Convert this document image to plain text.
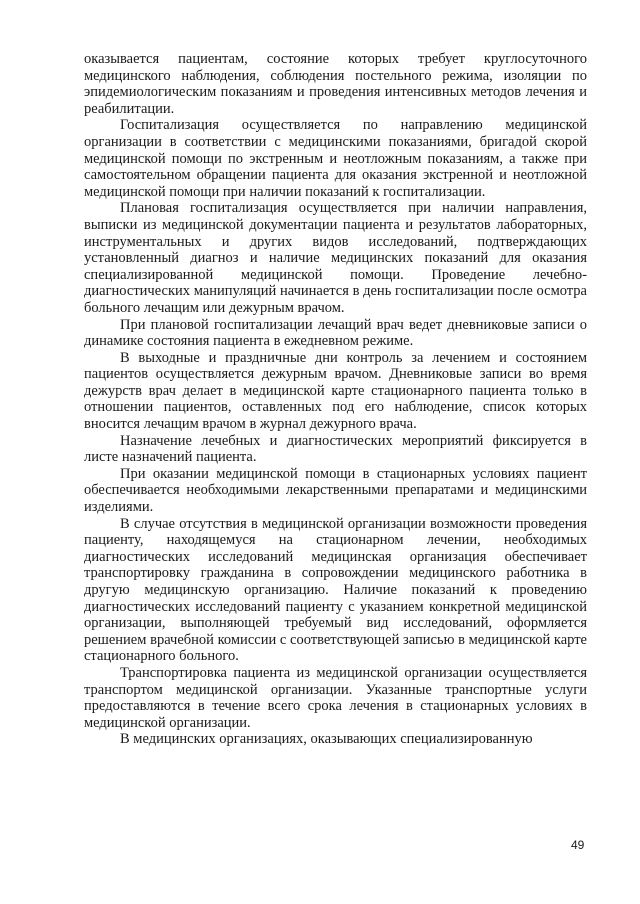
оказывается пациентам, состояние которых требует круглосуточного медицинского наблюдения, соблюдения постельного режима, изоляции по эпидемиологическим показаниям и проведения интенсивных методов лечения и реабилитации.

Госпитализация осуществляется по направлению медицинской организации в соответствии с медицинскими показаниями, бригадой скорой медицинской помощи по экстренным и неотложным показаниям, а также при самостоятельном обращении пациента для оказания экстренной и неотложной медицинской помощи при наличии показаний к госпитализации.

Плановая госпитализация осуществляется при наличии направления, выписки из медицинской документации пациента и результатов лабораторных, инструментальных и других видов исследований, подтверждающих установленный диагноз и наличие медицинских показаний для оказания специализированной медицинской помощи. Проведение лечебно-диагностических манипуляций начинается в день госпитализации после осмотра больного лечащим или дежурным врачом.

При плановой госпитализации лечащий врач ведет дневниковые записи о динамике состояния пациента в ежедневном режиме.

В выходные и праздничные дни контроль за лечением и состоянием пациентов осуществляется дежурным врачом. Дневниковые записи во время дежурств врач делает в медицинской карте стационарного пациента только в отношении пациентов, оставленных под его наблюдение, список которых вносится лечащим врачом в журнал дежурного врача.

Назначение лечебных и диагностических мероприятий фиксируется в листе назначений пациента.

При оказании медицинской помощи в стационарных условиях пациент обеспечивается необходимыми лекарственными препаратами и медицинскими изделиями.

В случае отсутствия в медицинской организации возможности проведения пациенту, находящемуся на стационарном лечении, необходимых диагностических исследований медицинская организация обеспечивает транспортировку гражданина в сопровождении медицинского работника в другую медицинскую организацию. Наличие показаний к проведению диагностических исследований пациенту с указанием конкретной медицинской организации, выполняющей требуемый вид исследований, оформляется решением врачебной комиссии с соответствующей записью в медицинской карте стационарного больного.

Транспортировка пациента из медицинской организации осуществляется транспортом медицинской организации. Указанные транспортные услуги предоставляются в течение всего срока лечения в стационарных условиях в медицинской организации.

В медицинских организациях, оказывающих специализированную

49
